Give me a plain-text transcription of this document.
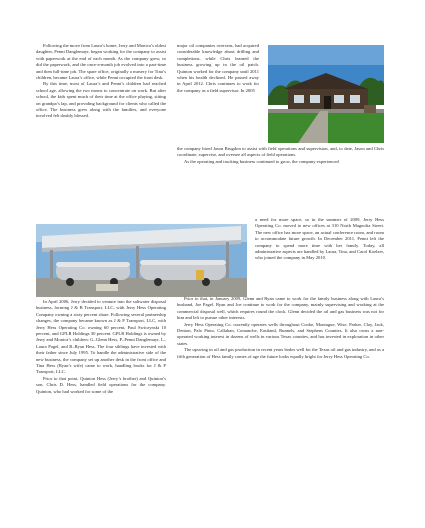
Following the move from Laura’s home, Jerry and Monica’s oldest daughter, Penni Danglemayr, began working for the company to assist with paperwork at the end of each month. As the company grew, so did the paperwork, and the once-a-month job evolved into a part-time and then full-time job. The spare office, originally a nursery for Tina’s children, became Laura’s office, while Penni occupied the front desk.

By this time, most of Laura’s and Penni’s children had reached school age, allowing the two moms to concentrate on work. But after school, the kids spent much of their time at the office playing, sitting on grandpa’s lap, and providing background for clients who called the office. The business grew along with the families, and everyone involved felt doubly blessed.

major oil companies overseas, had acquired considerable knowledge about drilling and completions, while Chris learned the business growing up in the oil patch. Quinton worked for the company until 2011 when his health declined. He passed away in April 2012. Chris continues to work for the company as a field supervisor. In 2005

the company hired Jason Brugdon to assist with field operations and supervision, and, to date, Jason and Chris coordinate, supervise, and oversee all aspects of field operations.

As the operating and trucking business continued to grow, the company experienced

a need for more space, so in the summer of 2009, Jerry Hess Operating Co. moved to new offices at 310 North Magnolia Street. The new office has more space, an actual conference room, and room to accommodate future growth. In December 2011, Penni left the company to spend more time with her family. Today, all administrative aspects are handled by Laura, Tina, and Carol Koelzer, who joined the company in May 2010.

In April 2006, Jerry decided to venture into the saltwater disposal business, forming J & B Transport, LLC, with Jerry Hess Operating Company owning a sixty percent share. Following several partnership changes, the company became known as J & P Transport, LLC, with Jerry Hess Operating Co. owning 60 percent, Paul Swiczynski 10 percent, and GPLR Holdings 30 percent. GPLR Holdings is owned by Jerry and Monica’s children: G–Glenn Hess, P–Penni Danglemayr, L–Laura Pagel, and R–Ryan Hess. The four siblings have invested with their father since July 1995. To handle the administrative side of the new business, the company set up another desk in the front office and Tina Hess (Ryan’s wife) came to work, handling books for J & P Transport, LLC.

Prior to that point, Quinton Hess (Jerry’s brother) and Quinton’s son, Chris D. Hess, handled field operations for the company. Quinton, who had worked for some of the

Prior to that, in January 2009, Glenn and Ryan came to work for the family business along with Laura’s husband, Joe Pagel. Ryan and Joe continue to work for the company, mainly supervising and working at the commercial disposal well, which requires round the clock. Glenn decided the oil and gas business was not for him and left to pursue other interests.

Jerry Hess Operating Co. currently operates wells throughout Cooke, Montague, Wise, Parker, Clay, Jack, Denton, Palo Pinto, Callahan, Comanche, Eastland, Runnels, and Stephens Counties. It also owns a non-operated working interest in dozens of wells in various Texas counties, and has invested in exploration in other states.

The upswing in oil and gas production in recent years bodes well for the Texas oil and gas industry, and as a fifth generation of Hess family comes of age the future looks equally bright for Jerry Hess Operating Co.
